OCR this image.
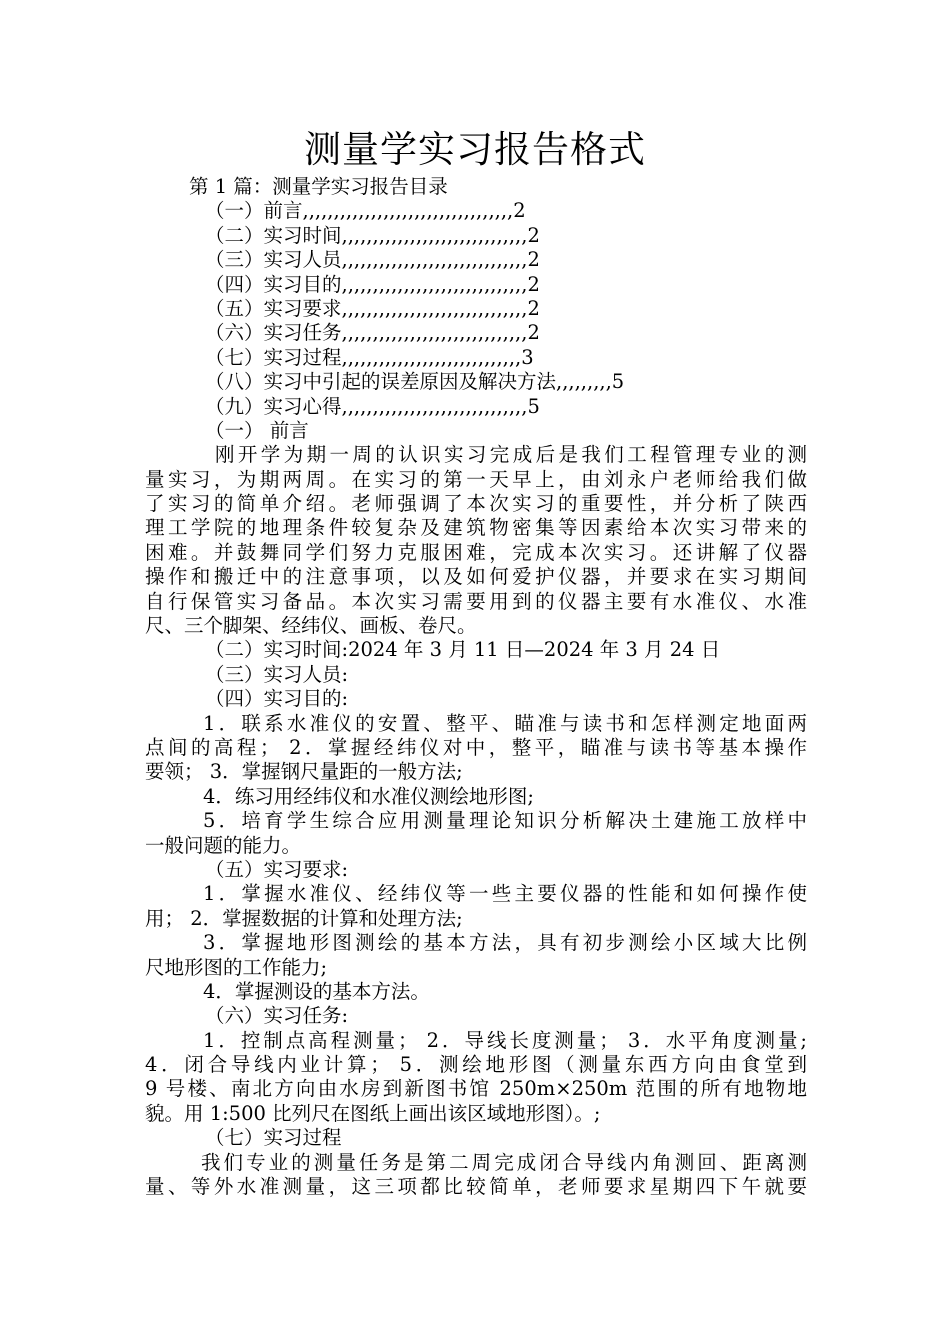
测量学实习报告格式
第 1 篇：测量学实习报告目录
（一）前言,,,,,,,,,,,,,,,,,,,,,,,,,,,,,,,,,,2
（二）实习时间,,,,,,,,,,,,,,,,,,,,,,,,,,,,,,2
（三）实习人员,,,,,,,,,,,,,,,,,,,,,,,,,,,,,,2
（四）实习目的,,,,,,,,,,,,,,,,,,,,,,,,,,,,,,2
（五）实习要求,,,,,,,,,,,,,,,,,,,,,,,,,,,,,,2
（六）实习任务,,,,,,,,,,,,,,,,,,,,,,,,,,,,,,2
（七）实习过程,,,,,,,,,,,,,,,,,,,,,,,,,,,,,3
（八）实习中引起的误差原因及解决方法,,,,,,,,,5
（九）实习心得,,,,,,,,,,,,,,,,,,,,,,,,,,,,,,5
（一） 前言
刚开学为期一周的认识实习完成后是我们工程管理专业的测
量实习，为期两周。在实习的第一天早上，由刘永户老师给我们做
了实习的简单介绍。老师强调了本次实习的重要性，并分析了陕西
理工学院的地理条件较复杂及建筑物密集等因素给本次实习带来的
困难。并鼓舞同学们努力克服困难，完成本次实习。还讲解了仪器
操作和搬迁中的注意事项，以及如何爱护仪器，并要求在实习期间
自行保管实习备品。本次实习需要用到的仪器主要有水准仪、水准
尺、三个脚架、经纬仪、画板、卷尺。
（二）实习时间:2024 年 3 月 11 日—2024 年 3 月 24 日
（三）实习人员:
（四）实习目的:
1．联系水准仪的安置、整平、瞄准与读书和怎样测定地面两
点间的高程； 2．掌握经纬仪对中，整平，瞄准与读书等基本操作
要领； 3．掌握钢尺量距的一般方法;
4．练习用经纬仪和水准仪测绘地形图;
5．培育学生综合应用测量理论知识分析解决土建施工放样中
一般问题的能力。
（五）实习要求:
1．掌握水准仪、经纬仪等一些主要仪器的性能和如何操作使
用； 2．掌握数据的计算和处理方法;
3．掌握地形图测绘的基本方法，具有初步测绘小区域大比例
尺地形图的工作能力;
4．掌握测设的基本方法。
（六）实习任务:
1．控制点高程测量； 2．导线长度测量； 3．水平角度测量;
4．闭合导线内业计算； 5．测绘地形图（测量东西方向由食堂到
9 号楼、南北方向由水房到新图书馆 250m×250m 范围的所有地物地
貌。用 1:500 比列尺在图纸上画出该区域地形图）。;
（七）实习过程
我们专业的测量任务是第二周完成闭合导线内角测回、距离测
量、等外水准测量，这三项都比较简单，老师要求星期四下午就要
